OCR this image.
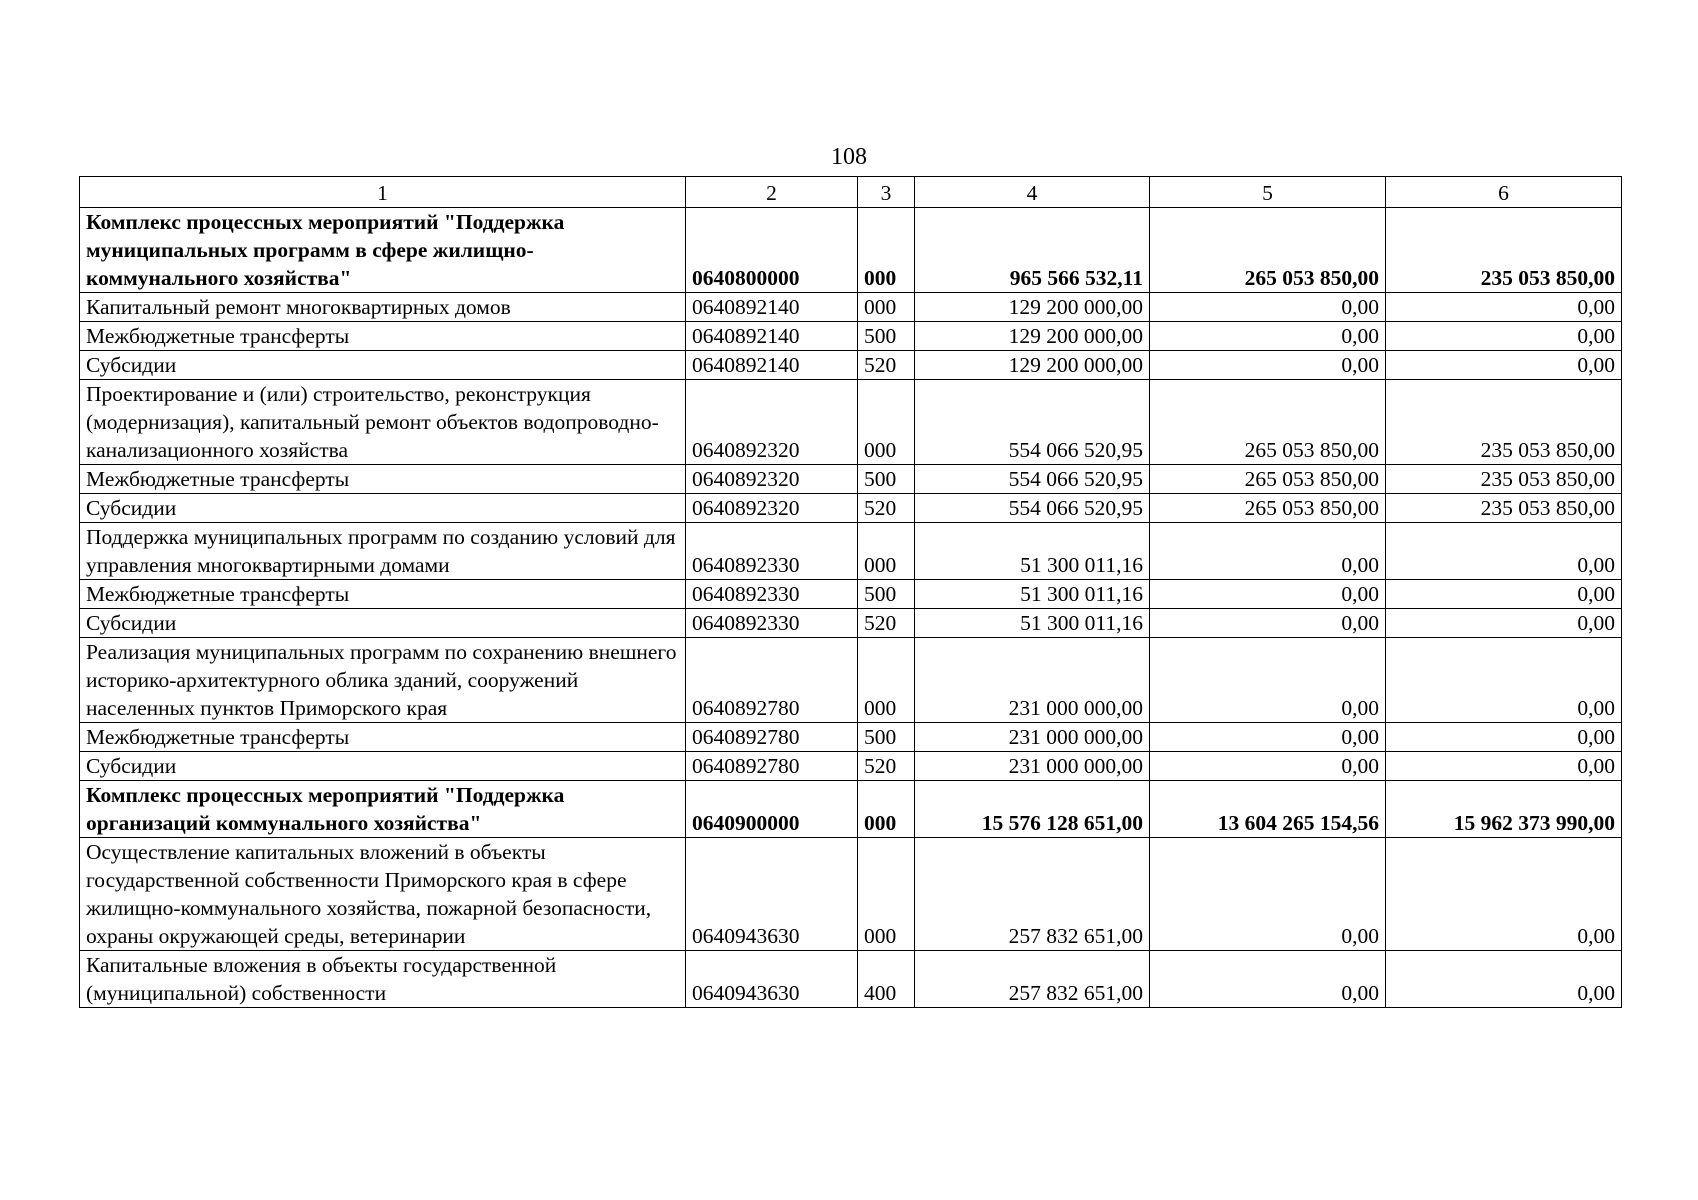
108
1	2	3	4	5	6
Комплекс процессных мероприятий "Поддержка муниципальных программ в сфере жилищно-коммунального хозяйства"	0640800000	000	965 566 532,11	265 053 850,00	235 053 850,00
Капитальный ремонт многоквартирных домов	0640892140	000	129 200 000,00	0,00	0,00
Межбюджетные трансферты	0640892140	500	129 200 000,00	0,00	0,00
Субсидии	0640892140	520	129 200 000,00	0,00	0,00
Проектирование и (или) строительство, реконструкция (модернизация), капитальный ремонт объектов водопроводно-канализационного хозяйства	0640892320	000	554 066 520,95	265 053 850,00	235 053 850,00
Межбюджетные трансферты	0640892320	500	554 066 520,95	265 053 850,00	235 053 850,00
Субсидии	0640892320	520	554 066 520,95	265 053 850,00	235 053 850,00
Поддержка муниципальных программ по созданию условий для управления многоквартирными домами	0640892330	000	51 300 011,16	0,00	0,00
Межбюджетные трансферты	0640892330	500	51 300 011,16	0,00	0,00
Субсидии	0640892330	520	51 300 011,16	0,00	0,00
Реализация муниципальных программ по сохранению внешнего историко-архитектурного облика зданий, сооружений населенных пунктов Приморского края	0640892780	000	231 000 000,00	0,00	0,00
Межбюджетные трансферты	0640892780	500	231 000 000,00	0,00	0,00
Субсидии	0640892780	520	231 000 000,00	0,00	0,00
Комплекс процессных мероприятий "Поддержка организаций коммунального хозяйства"	0640900000	000	15 576 128 651,00	13 604 265 154,56	15 962 373 990,00
Осуществление капитальных вложений в объекты государственной собственности Приморского края в сфере жилищно-коммунального хозяйства, пожарной безопасности, охраны окружающей среды, ветеринарии	0640943630	000	257 832 651,00	0,00	0,00
Капитальные вложения в объекты государственной (муниципальной) собственности	0640943630	400	257 832 651,00	0,00	0,00
